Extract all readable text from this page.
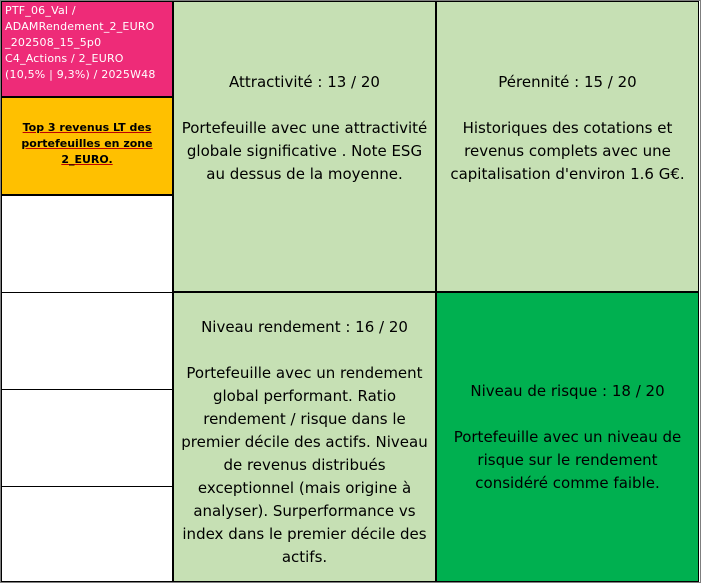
PTF_06_Val /
ADAMRendement_2_EURO
_202508_15_5p0
C4_Actions / 2_EURO
(10,5% | 9,3%) / 2025W48
Top 3 revenus LT des
portefeuilles en zone
2_EURO.
Attractivité : 13 / 20
Portefeuille avec une attractivité globale significative . Note ESG au dessus de la moyenne.
Pérennité : 15 / 20
Historiques des cotations et revenus complets avec une capitalisation d'environ 1.6 G€.
Niveau rendement : 16 / 20
Portefeuille avec un rendement global performant. Ratio rendement / risque dans le premier décile des actifs. Niveau de revenus distribués exceptionnel (mais origine à analyser). Surperformance vs index dans le premier décile des actifs.
Niveau de risque : 18 / 20
Portefeuille avec un niveau de risque sur le rendement considéré comme faible.
